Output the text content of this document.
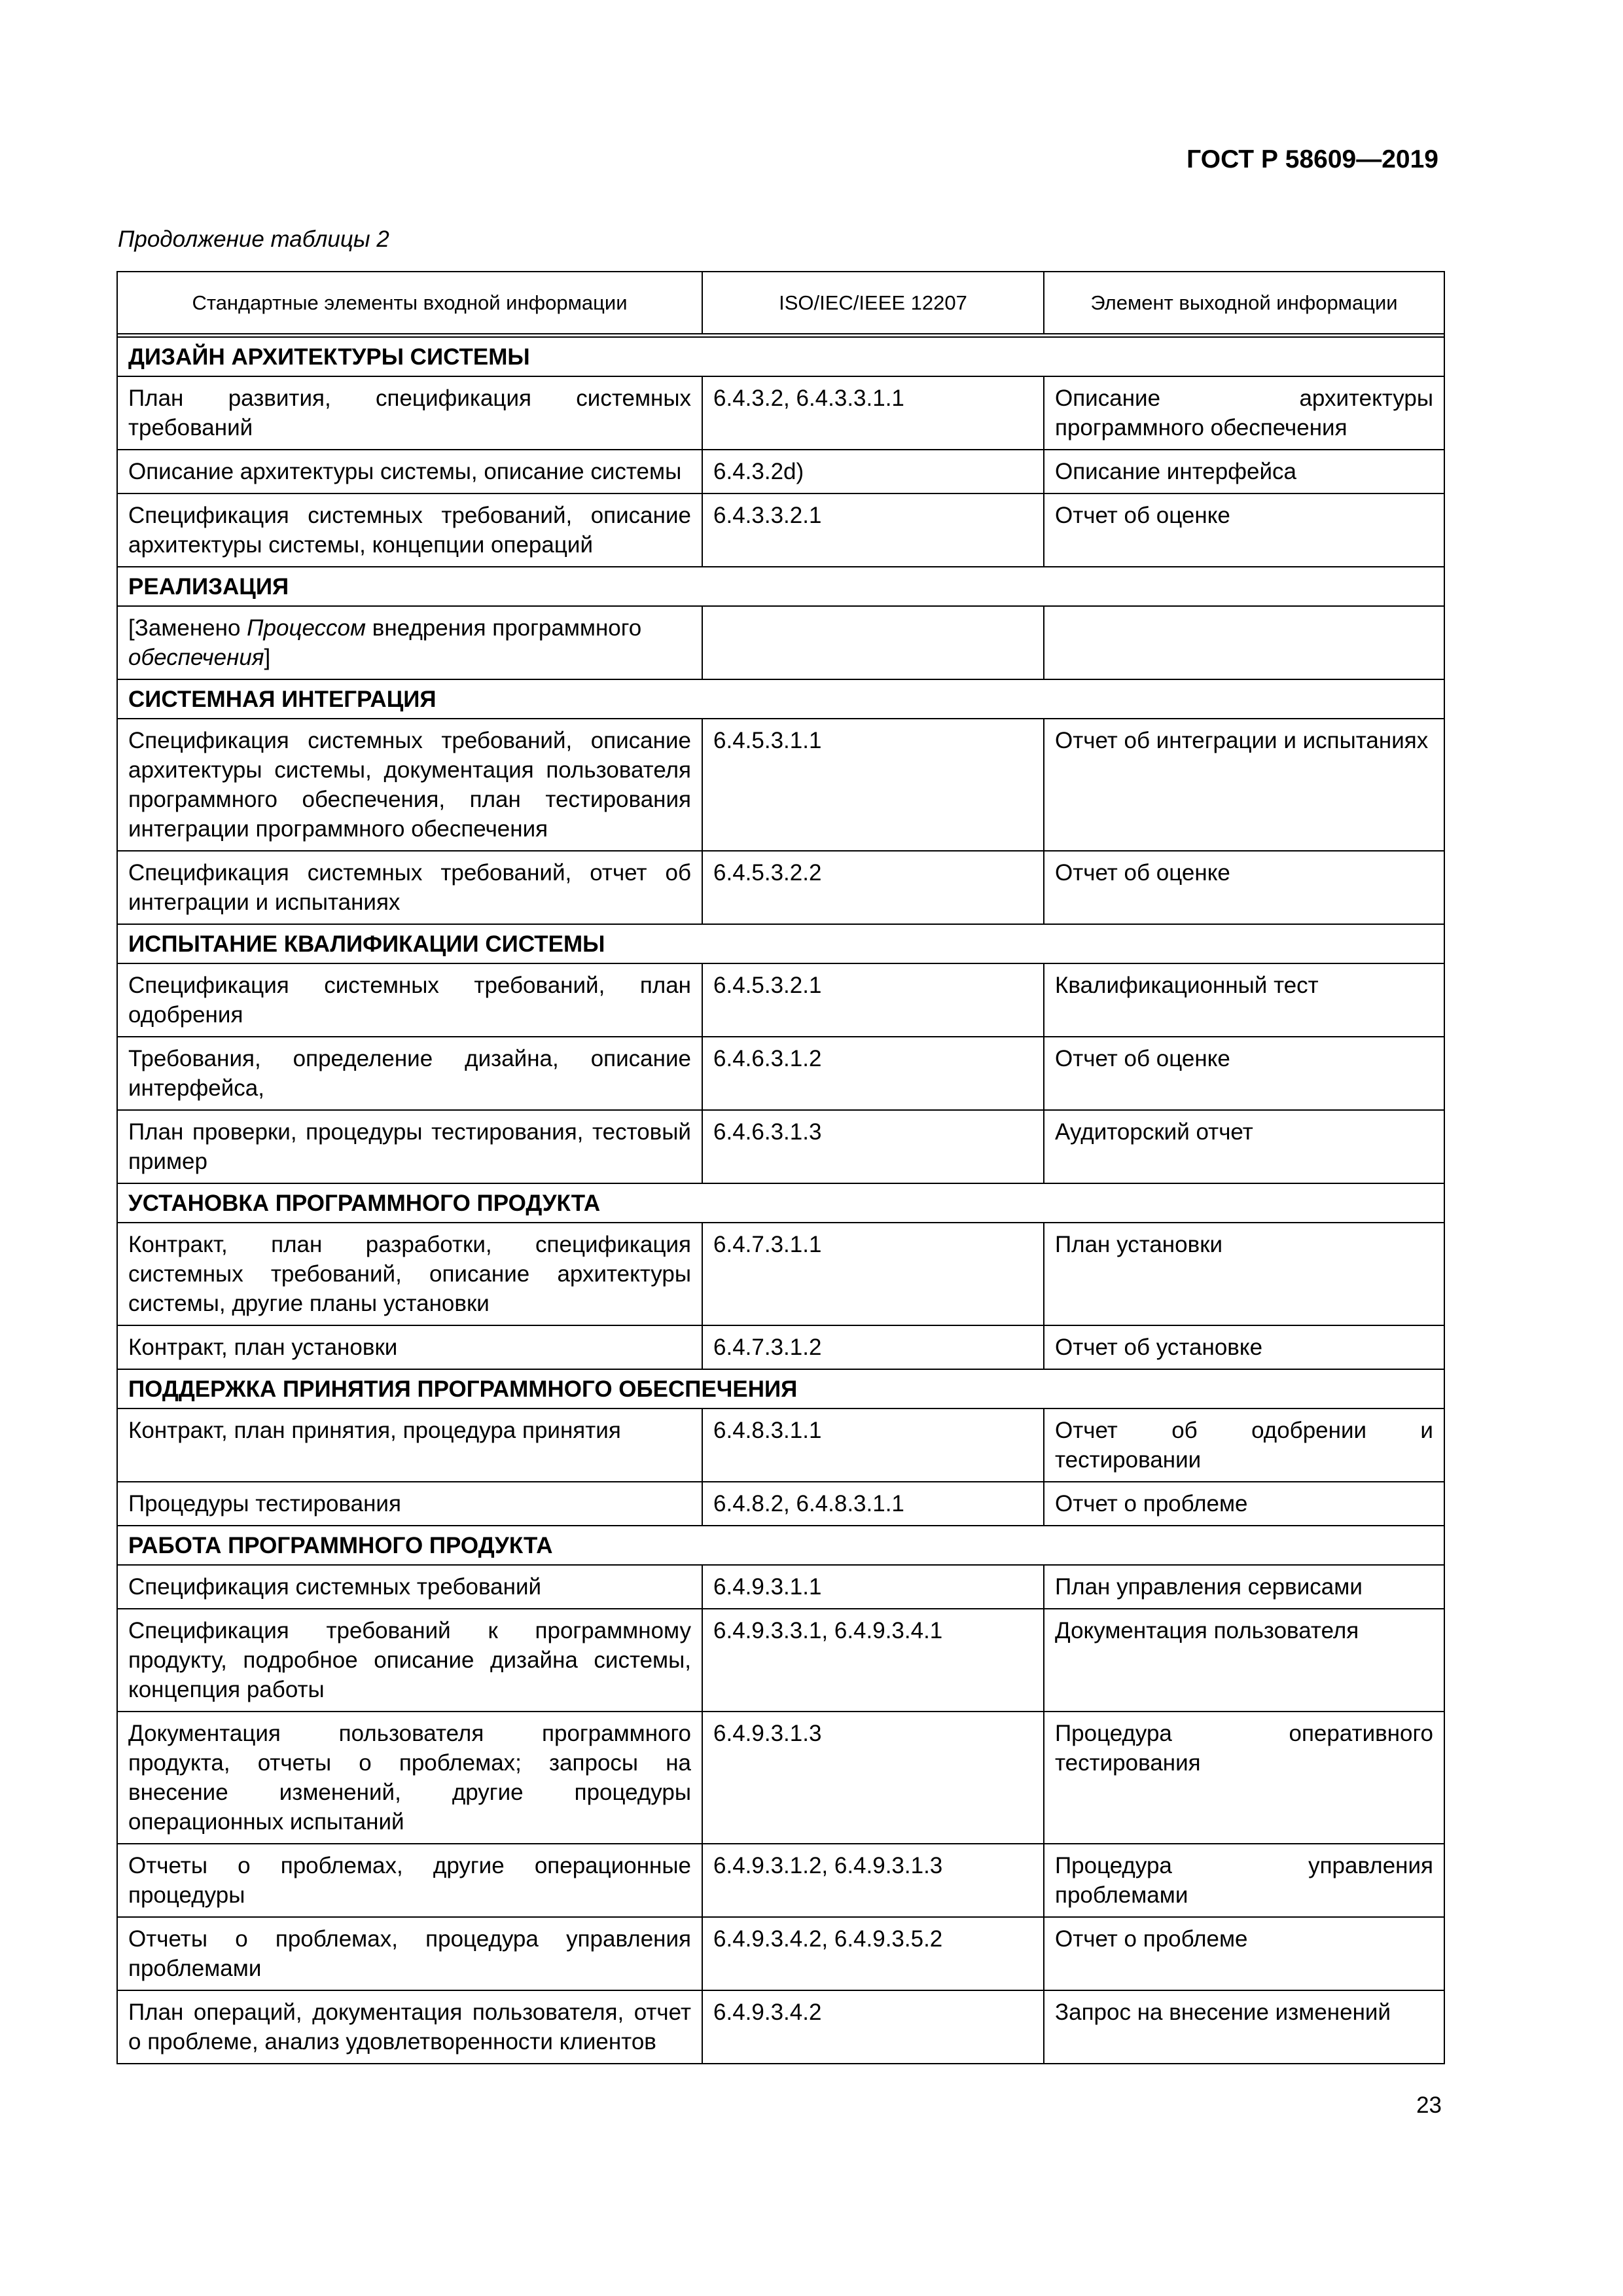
ГОСТ Р 58609—2019
Продолжение таблицы 2
Стандартные элементы входной информации	ISO/IEC/IEEE 12207	Элемент выходной информации

ДИЗАЙН АРХИТЕКТУРЫ СИСТЕМЫ		
План развития, спецификация системных требований	6.4.3.2, 6.4.3.3.1.1	Описание архитектуры программного обеспечения
Описание архитектуры системы, описание системы	6.4.3.2d)	Описание интерфейса
Спецификация системных требований, описание архитектуры системы, концепции операций	6.4.3.3.2.1	Отчет об оценке
РЕАЛИЗАЦИЯ		
[Заменено Процессом внедрения программного обеспечения]		
СИСТЕМНАЯ ИНТЕГРАЦИЯ		
Спецификация системных требований, описание архитектуры системы, документация пользователя программного обеспечения, план тестирования интеграции программного обеспечения	6.4.5.3.1.1	Отчет об интеграции и испытаниях
Спецификация системных требований, отчет об интеграции и испытаниях	6.4.5.3.2.2	Отчет об оценке
ИСПЫТАНИЕ КВАЛИФИКАЦИИ СИСТЕМЫ		
Спецификация системных требований, план одобрения	6.4.5.3.2.1	Квалификационный тест
Требования, определение дизайна, описание интерфейса,	6.4.6.3.1.2	Отчет об оценке
План проверки, процедуры тестирования, тестовый пример	6.4.6.3.1.3	Аудиторский отчет
УСТАНОВКА ПРОГРАММНОГО ПРОДУКТА		
Контракт, план разработки, спецификация системных требований, описание архитектуры системы, другие планы установки	6.4.7.3.1.1	План установки
Контракт, план установки	6.4.7.3.1.2	Отчет об установке
ПОДДЕРЖКА ПРИНЯТИЯ ПРОГРАММНОГО ОБЕСПЕЧЕНИЯ		
Контракт, план принятия, процедура принятия	6.4.8.3.1.1	Отчет об одобрении и тестировании
Процедуры тестирования	6.4.8.2, 6.4.8.3.1.1	Отчет о проблеме
РАБОТА ПРОГРАММНОГО ПРОДУКТА		
Спецификация системных требований	6.4.9.3.1.1	План управления сервисами
Спецификация требований к программному продукту, подробное описание дизайна системы, концепция работы	6.4.9.3.3.1, 6.4.9.3.4.1	Документация пользователя
Документация пользователя программного продукта, отчеты о проблемах; запросы на внесение изменений, другие процедуры операционных испытаний	6.4.9.3.1.3	Процедура оперативного тестирования
Отчеты о проблемах, другие операционные процедуры	6.4.9.3.1.2, 6.4.9.3.1.3	Процедура управления проблемами
Отчеты о проблемах, процедура управления проблемами	6.4.9.3.4.2, 6.4.9.3.5.2	Отчет о проблеме
План операций, документация пользователя, отчет о проблеме, анализ удовлетворенности клиентов	6.4.9.3.4.2	Запрос на внесение изменений
23
